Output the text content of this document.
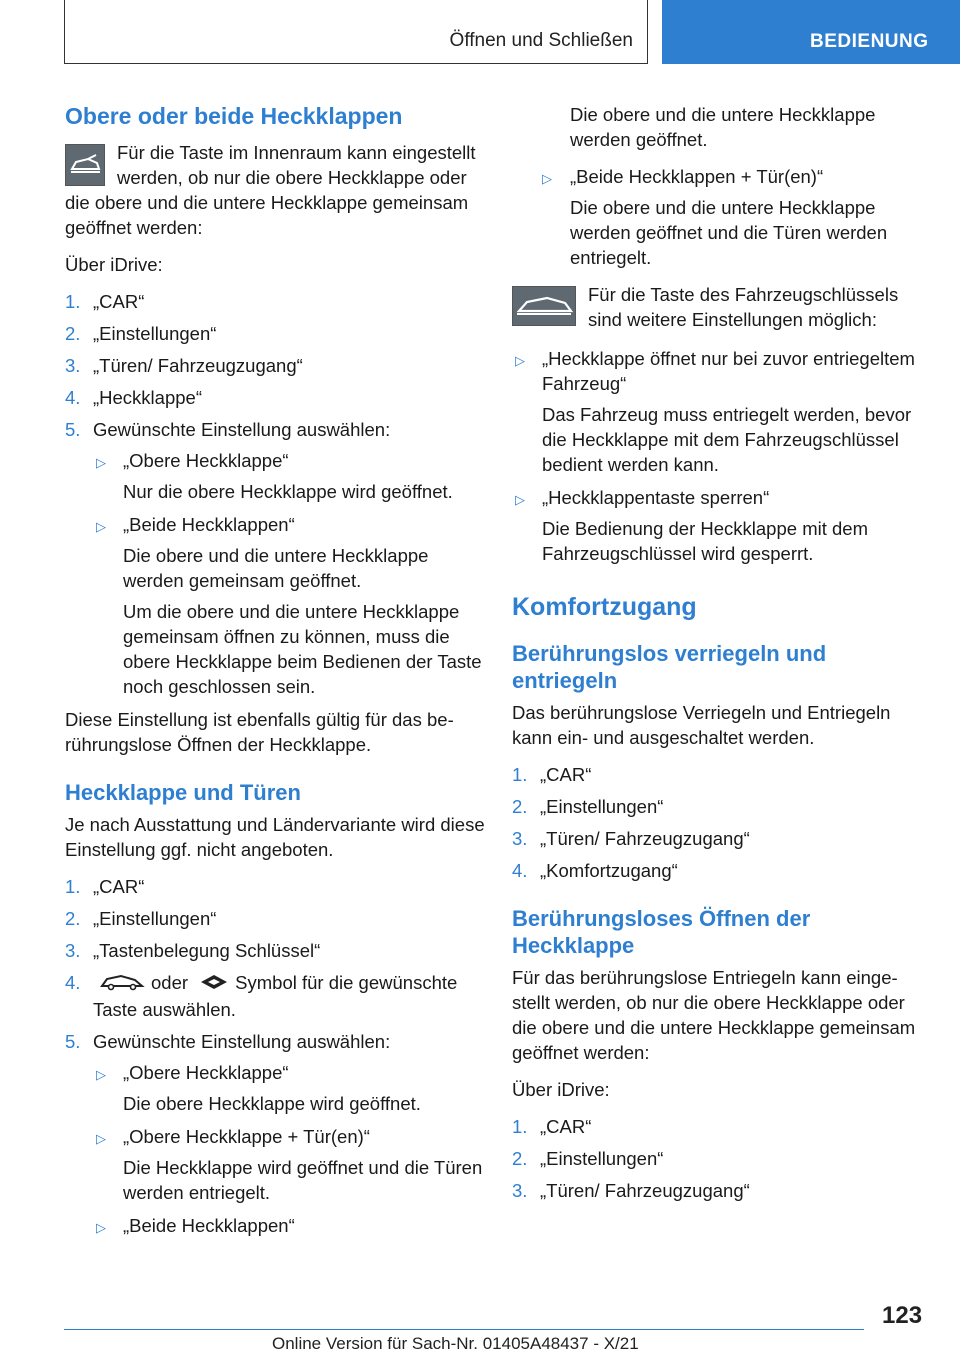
Öffnen und Schließen	BEDIENUNG
Obere oder beide Heckklappen

Für die Taste im Innenraum kann eingestellt werden, ob nur die obere Heckklappe oder die obere und die untere Heckklappe gemeinsam geöffnet werden:

Über iDrive:

1. „CAR“
2. „Einstellungen“
3. „Türen/ Fahrzeugzugang“
4. „Heckklappe“
5. Gewünschte Einstellung auswählen:
▷ „Obere Heckklappe“
Nur die obere Heckklappe wird geöffnet.
▷ „Beide Heckklappen“
Die obere und die untere Heckklappe werden gemeinsam geöffnet.
Um die obere und die untere Heckklappe gemeinsam öffnen zu können, muss die obere Heckklappe beim Bedienen der Taste noch geschlossen sein.

Diese Einstellung ist ebenfalls gültig für das berührungslose Öffnen der Heckklappe.

Heckklappe und Türen

Je nach Ausstattung und Ländervariante wird diese Einstellung ggf. nicht angeboten.

1. „CAR“
2. „Einstellungen“
3. „Tastenbelegung Schlüssel“
4.	oder	Symbol für die gewünschte Taste auswählen.
5. Gewünschte Einstellung auswählen:
▷ „Obere Heckklappe“
Die obere Heckklappe wird geöffnet.
▷ „Obere Heckklappe + Tür(en)“
Die Heckklappe wird geöffnet und die Türen werden entriegelt.
▷ „Beide Heckklappen“

Die obere und die untere Heckklappe werden geöffnet.

▷ „Beide Heckklappen + Tür(en)“
Die obere und die untere Heckklappe werden geöffnet und die Türen werden entriegelt.

Für die Taste des Fahrzeugschlüssels sind weitere Einstellungen möglich:

▷ „Heckklappe öffnet nur bei zuvor entriegeltem Fahrzeug“
Das Fahrzeug muss entriegelt werden, bevor die Heckklappe mit dem Fahrzeugschlüssel bedient werden kann.
▷ „Heckklappentaste sperren“
Die Bedienung der Heckklappe mit dem Fahrzeugschlüssel wird gesperrt.
Komfortzugang
Berührungslos verriegeln und entriegeln

Das berührungslose Verriegeln und Entriegeln kann ein- und ausgeschaltet werden.

1. „CAR“
2. „Einstellungen“
3. „Türen/ Fahrzeugzugang“
4. „Komfortzugang“
Berührungsloses Öffnen der Heckklappe

Für das berührungslose Entriegeln kann eingestellt werden, ob nur die obere Heckklappe oder die obere und die untere Heckklappe gemeinsam geöffnet werden:

Über iDrive:

1. „CAR“
2. „Einstellungen“
3. „Türen/ Fahrzeugzugang“
123
Online Version für Sach-Nr. 01405A48437 - X/21
